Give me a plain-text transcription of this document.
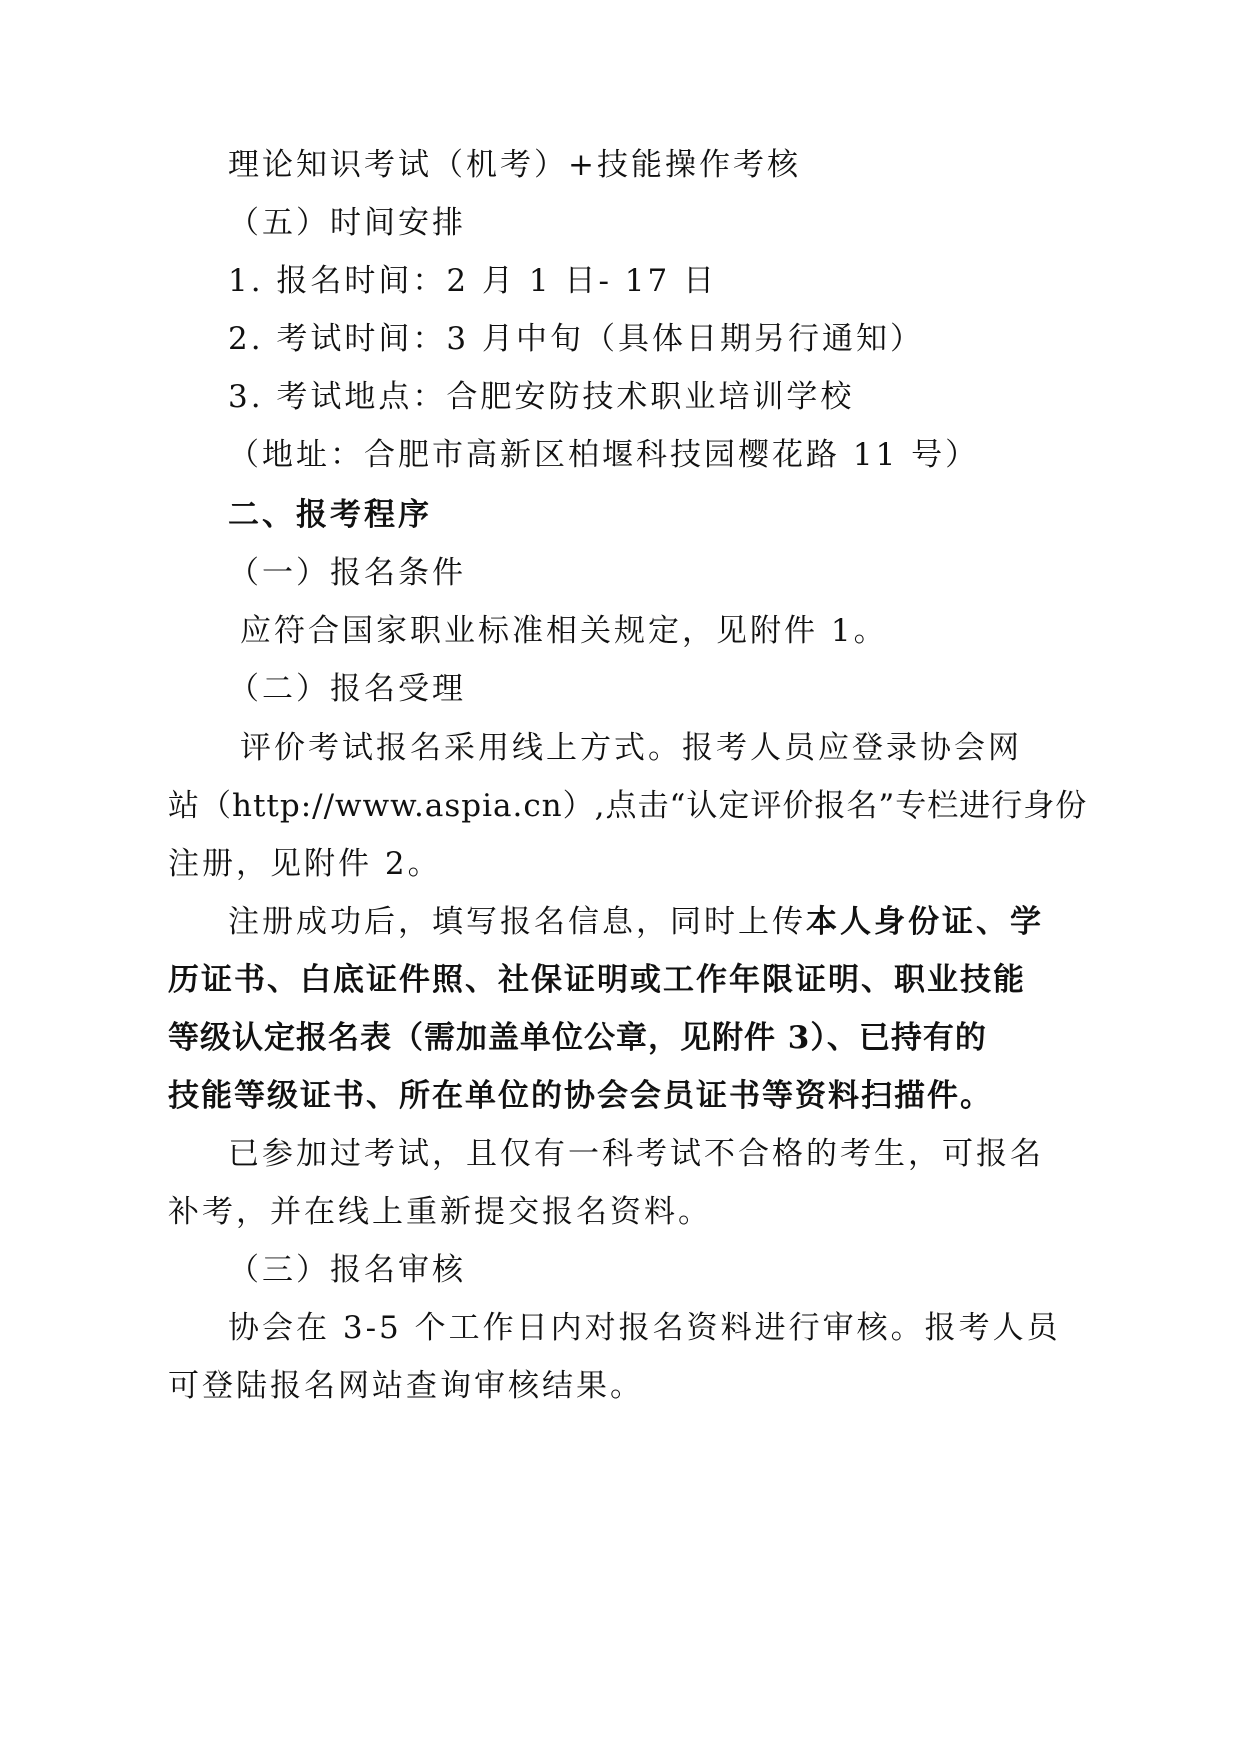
理论知识考试（机考）+技能操作考核
（五）时间安排
1. 报名时间：2 月 1 日- 17 日
2. 考试时间：3 月中旬（具体日期另行通知）
3. 考试地点：合肥安防技术职业培训学校
（地址：合肥市高新区柏堰科技园樱花路 11 号）
二、报考程序
（一）报名条件
应符合国家职业标准相关规定，见附件 1。
（二）报名受理
评价考试报名采用线上方式。报考人员应登录协会网
站（http://www.aspia.cn）,点击“认定评价报名”专栏进行身份
注册，见附件 2。
注册成功后，填写报名信息，同时上传本人身份证、学
历证书、白底证件照、社保证明或工作年限证明、职业技能
等级认定报名表（需加盖单位公章，见附件 3）、已持有的
技能等级证书、所在单位的协会会员证书等资料扫描件。
已参加过考试，且仅有一科考试不合格的考生，可报名
补考，并在线上重新提交报名资料。
（三）报名审核
协会在 3-5 个工作日内对报名资料进行审核。报考人员
可登陆报名网站查询审核结果。
